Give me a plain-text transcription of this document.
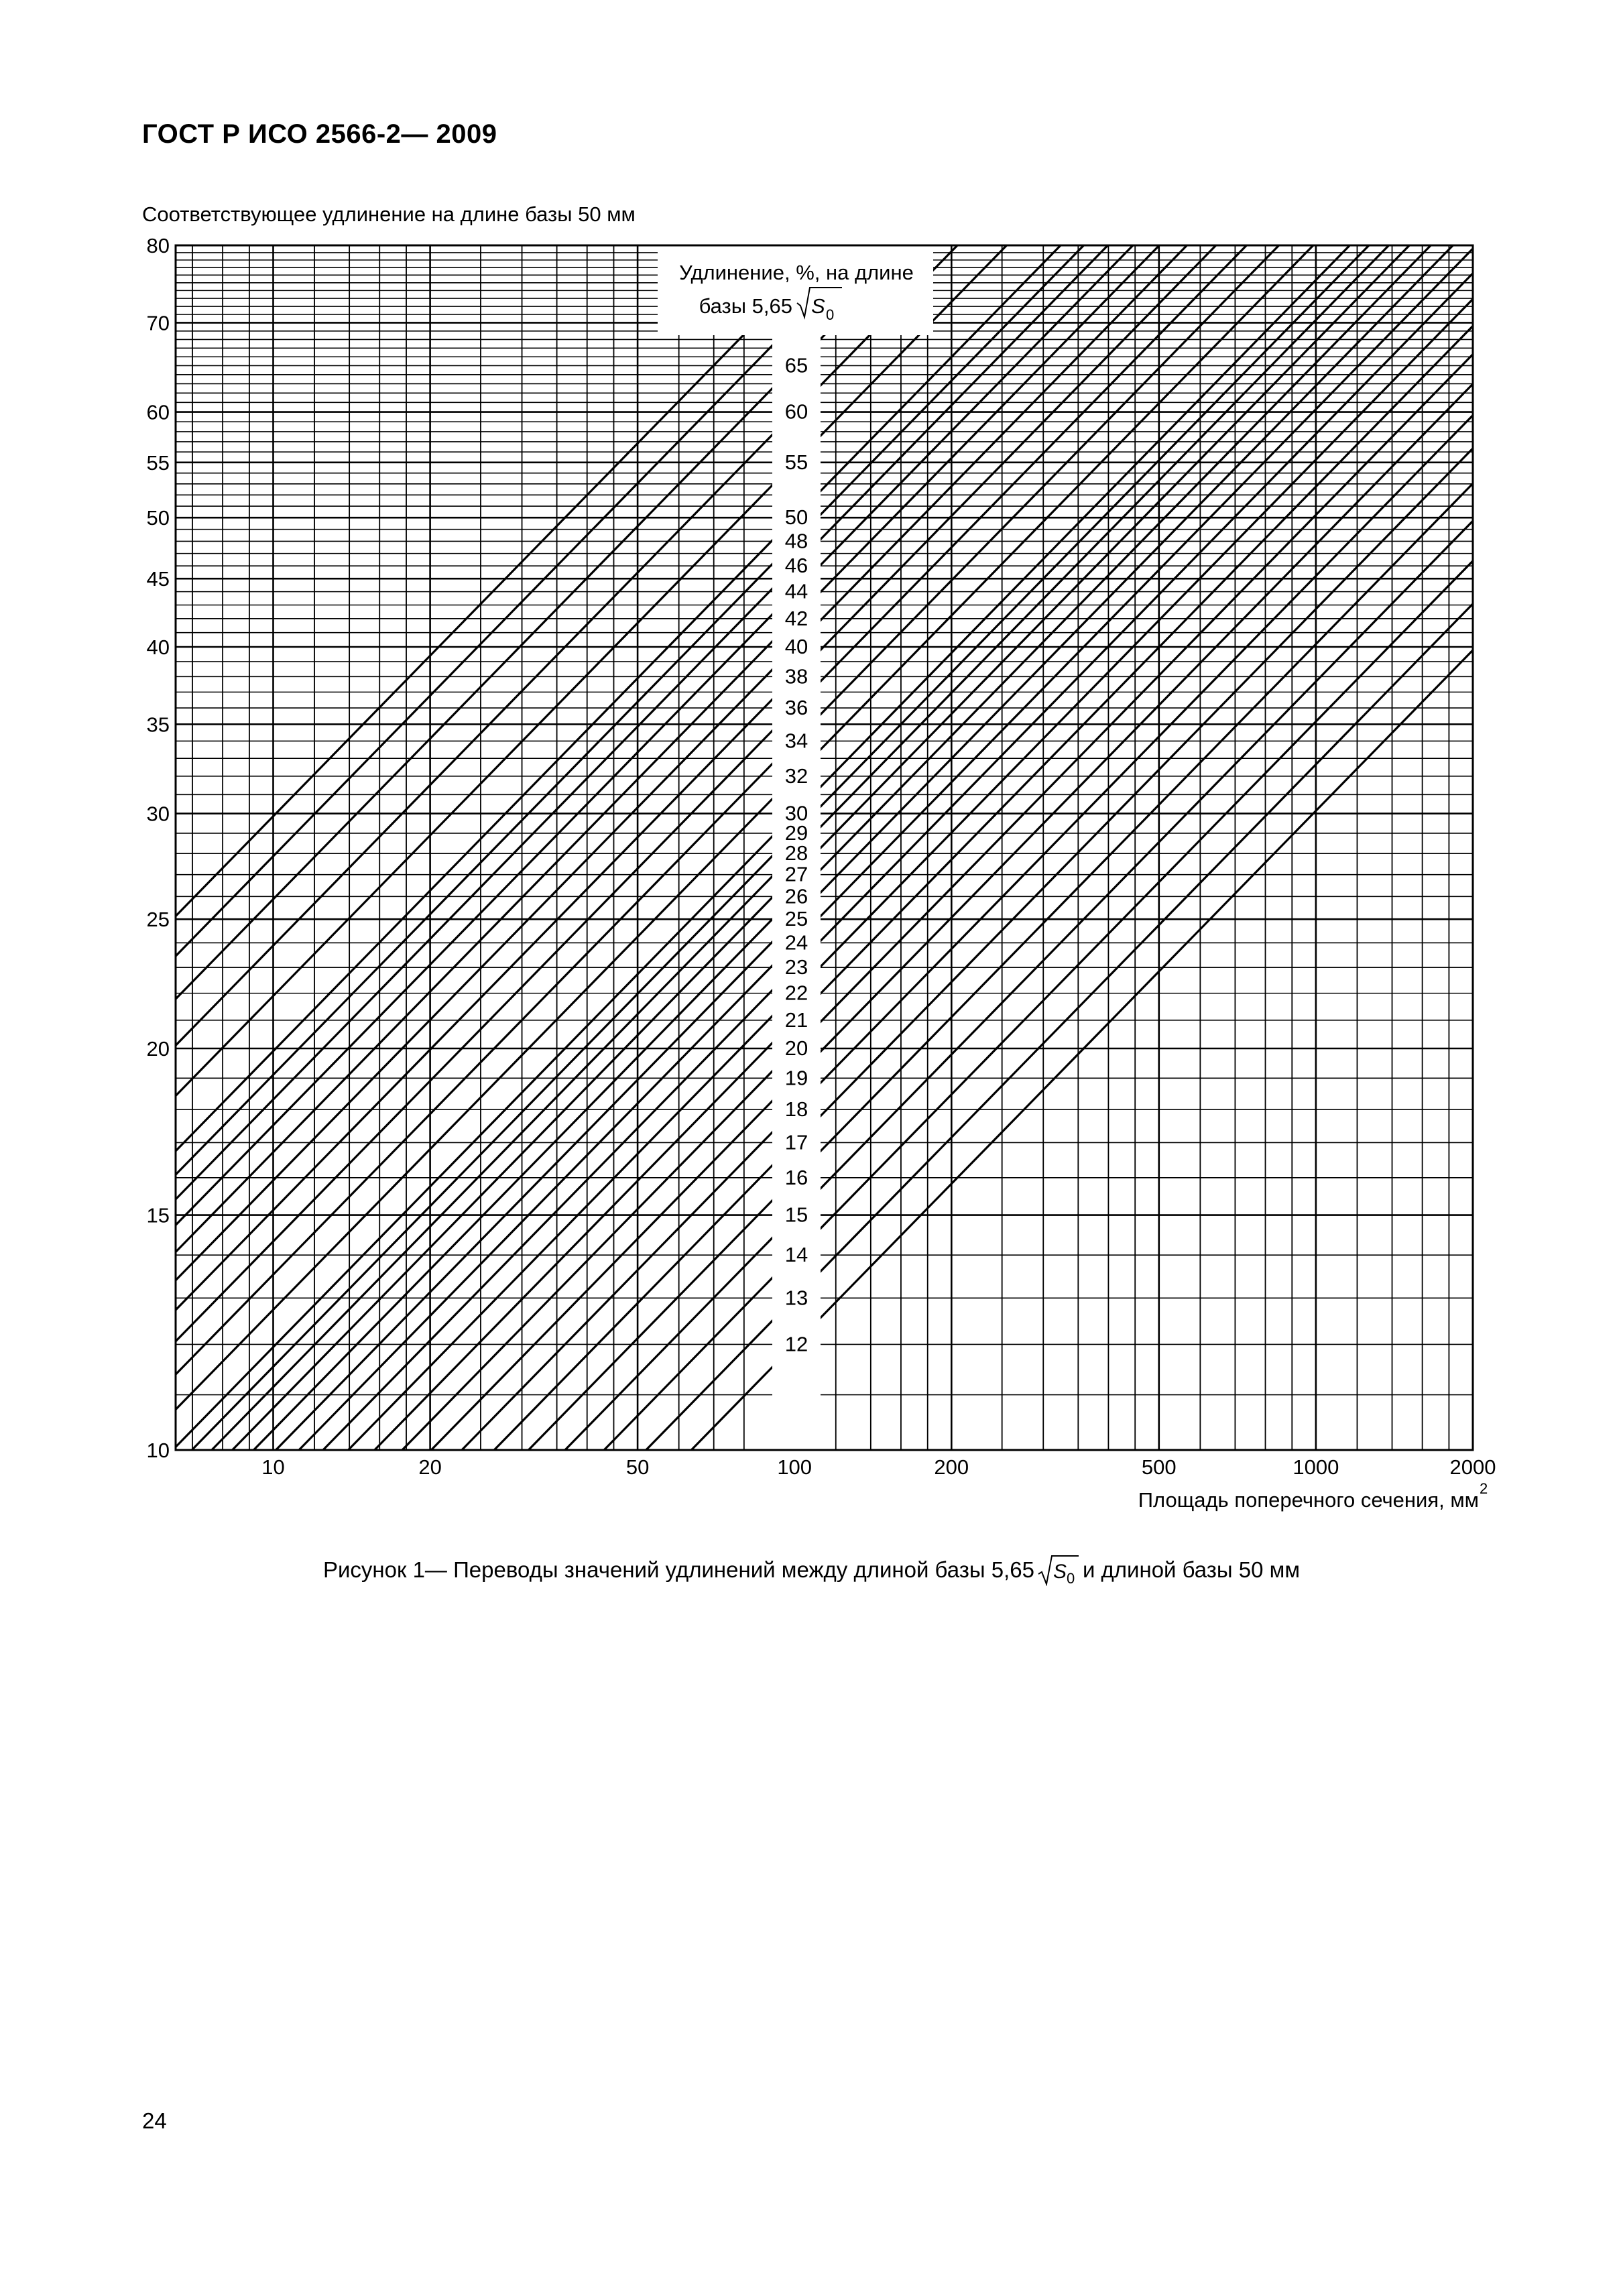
ГОСТ Р ИСО 2566-2— 2009
Соответствующее удлинение на длине базы 50 мм
12
13
14
15
16
17
18
19
20
21
22
23
24
25
26
27
28
29
30
32
34
36
38
40
42
44
46
48
50
55
60
65
Удлинение, %, на длине
базы 5,65 S 0
10
15
20
25
30
35
40
45
50
55
60
70
80
10	20	50	100	200	500	1000	2000
Площадь поперечного сечения, мм 2
Рисунок 1— Переводы значений удлинений между длиной базы 5,65 S 0 и длиной базы 50 мм
24
